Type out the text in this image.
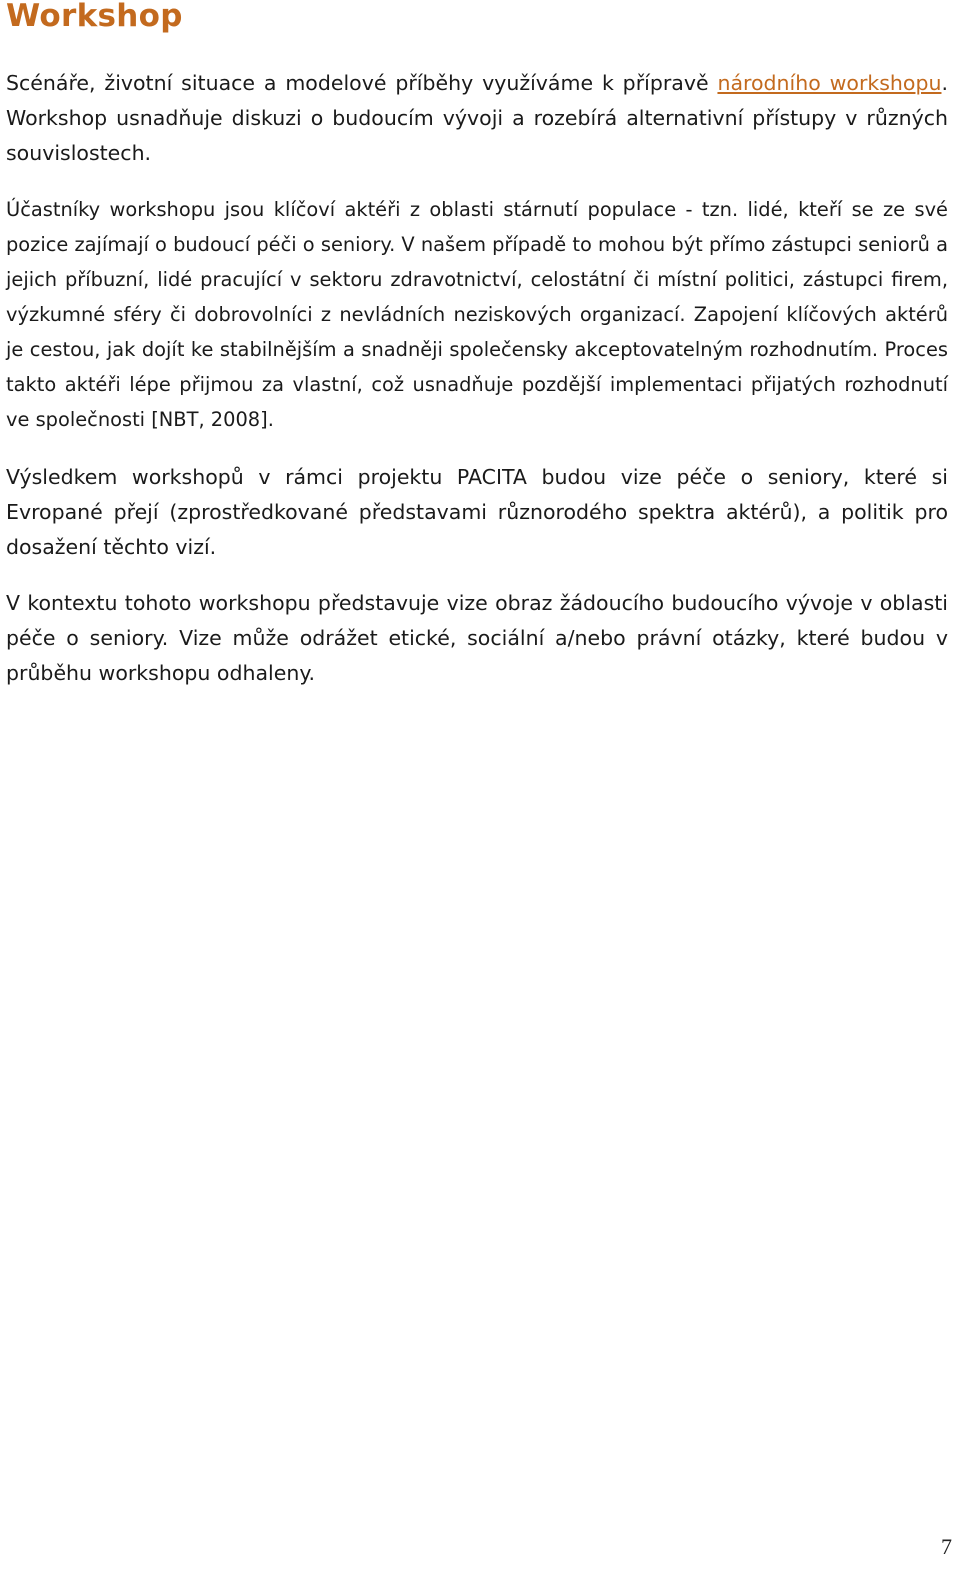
Workshop

Scénáře, životní situace a modelové příběhy využíváme k přípravě národního workshopu. Workshop usnadňuje diskuzi o budoucím vývoji a rozebírá alternativní přístupy v různých souvislostech.

Účastníky workshopu jsou klíčoví aktéři z oblasti stárnutí populace - tzn. lidé, kteří se ze své pozice zajímají o budoucí péči o seniory. V našem případě to mohou být přímo zástupci seniorů a jejich příbuzní, lidé pracující v sektoru zdravotnictví, celostátní či místní politici, zástupci firem, výzkumné sféry či dobrovolníci z nevládních neziskových organizací. Zapojení klíčových aktérů je cestou, jak dojít ke stabilnějším a snadněji společensky akceptovatelným rozhodnutím. Proces takto aktéři lépe přijmou za vlastní, což usnadňuje pozdější implementaci přijatých rozhodnutí ve společnosti [NBT, 2008].

Výsledkem workshopů v rámci projektu PACITA budou vize péče o seniory, které si Evropané přejí (zprostředkované představami různorodého spektra aktérů), a politik pro dosažení těchto vizí.

V kontextu tohoto workshopu představuje vize obraz žádoucího budoucího vývoje v oblasti péče o seniory. Vize může odrážet etické, sociální a/nebo právní otázky, které budou v průběhu workshopu odhaleny.

7
